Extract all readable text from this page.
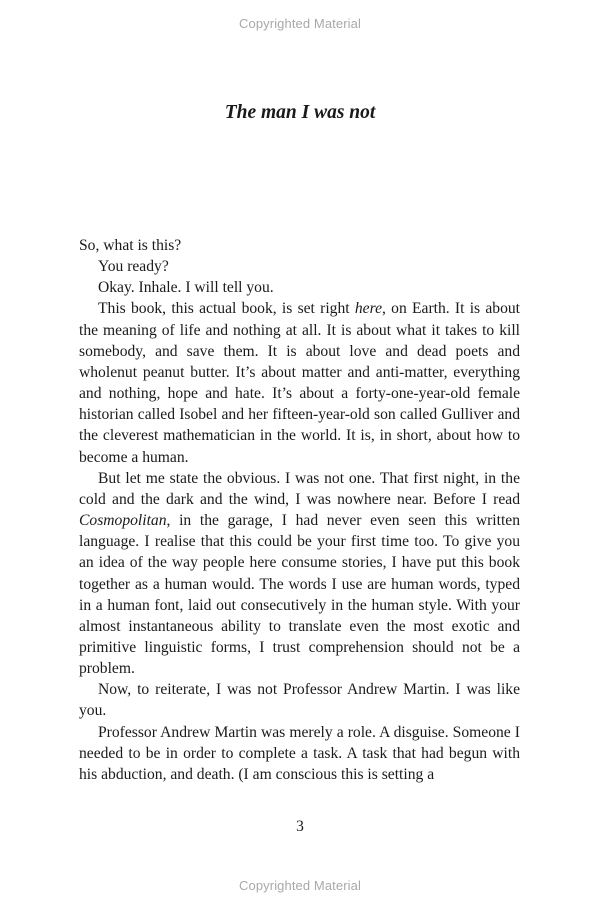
Copyrighted Material
The man I was not

So, what is this?

You ready?

Okay. Inhale. I will tell you.

This book, this actual book, is set right here, on Earth. It is about the meaning of life and nothing at all. It is about what it takes to kill somebody, and save them. It is about love and dead poets and wholenut peanut butter. It’s about matter and anti-matter, everything and nothing, hope and hate. It’s about a forty-one-year-old female historian called Isobel and her fifteen-year-old son called Gulliver and the cleverest mathematician in the world. It is, in short, about how to become a human.

But let me state the obvious. I was not one. That first night, in the cold and the dark and the wind, I was nowhere near. Before I read Cosmopolitan, in the garage, I had never even seen this written language. I realise that this could be your first time too. To give you an idea of the way people here consume stories, I have put this book together as a human would. The words I use are human words, typed in a human font, laid out consecutively in the human style. With your almost instantaneous ability to translate even the most exotic and primitive linguistic forms, I trust comprehension should not be a problem.

Now, to reiterate, I was not Professor Andrew Martin. I was like you.

Professor Andrew Martin was merely a role. A disguise. Someone I needed to be in order to complete a task. A task that had begun with his abduction, and death. (I am conscious this is setting a

3
Copyrighted Material
